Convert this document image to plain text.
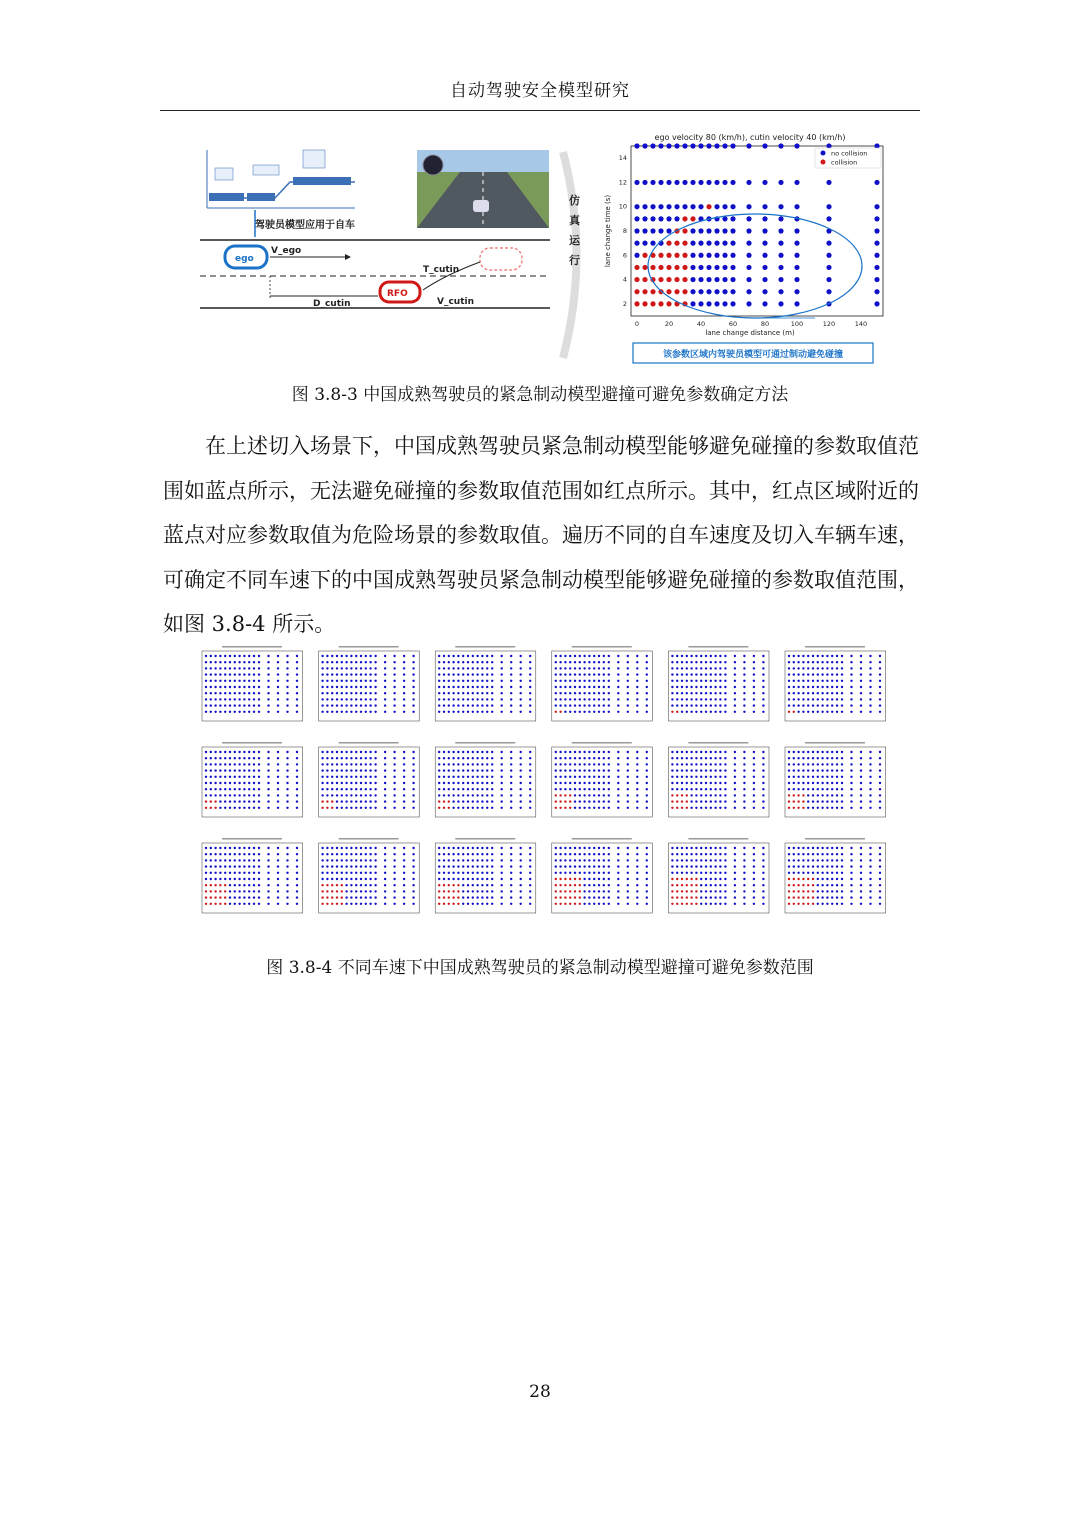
自动驾驶安全模型研究
驾驶员模型应用于自车
ego
V_ego
RFO
T_cutin
D_cutin	V_cutin
仿
真
运
行
ego velocity 80 (km/h), cutin velocity 40 (km/h)
lane change distance (m)
lane change time (s)
0	20	40	60	80	100	120	140
2
4
6
8
10
12
14
no collision
collision
该参数区域内驾驶员模型可通过制动避免碰撞
图 3.8-3 中国成熟驾驶员的紧急制动模型避撞可避免参数确定方法

在上述切入场景下，中国成熟驾驶员紧急制动模型能够避免碰撞的参数取值范围如蓝点所示，无法避免碰撞的参数取值范围如红点所示。其中，红点区域附近的蓝点对应参数取值为危险场景的参数取值。遍历不同的自车速度及切入车辆车速，可确定不同车速下的中国成熟驾驶员紧急制动模型能够避免碰撞的参数取值范围，如图 3.8-4 所示。

图 3.8-4 不同车速下中国成熟驾驶员的紧急制动模型避撞可避免参数范围
28
